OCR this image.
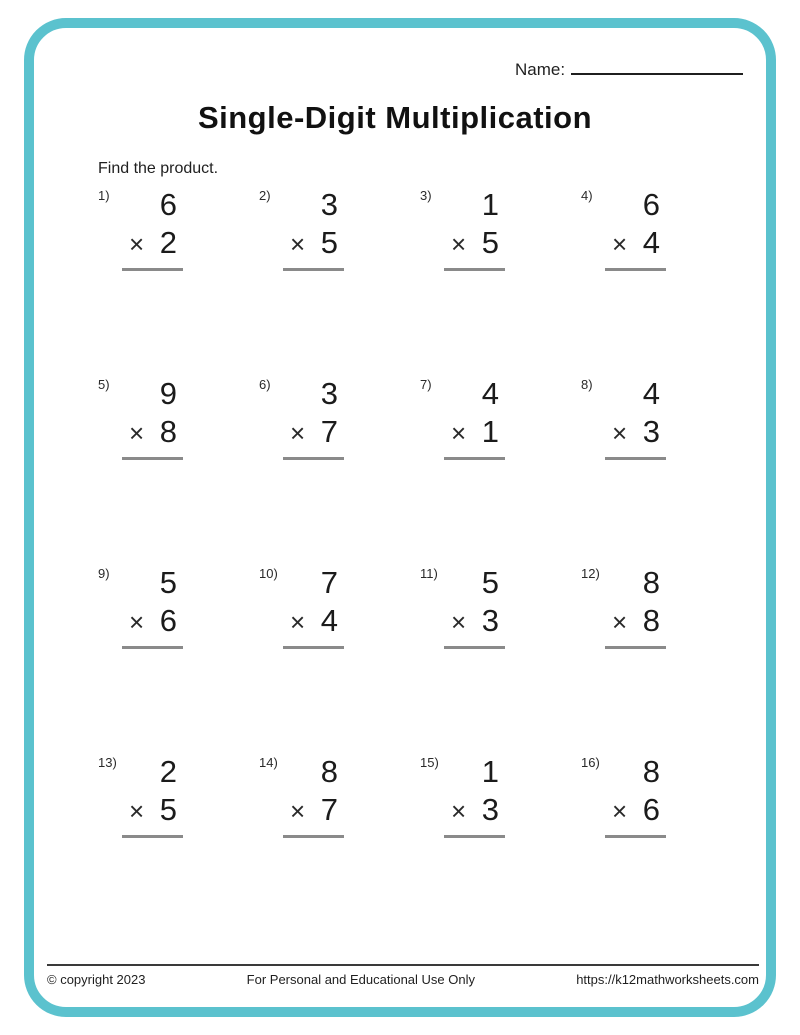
Name:
Single-Digit Multiplication
Find the product.
1)	6
× 2
2)	3
× 5
3)	1
× 5
4)	6
× 4
5)	9
× 8
6)	3
× 7
7)	4
× 1
8)	4
× 3
9)	5
× 6
10)	7
× 4
11)	5
× 3
12)	8
× 8
13)	2
× 5
14)	8
× 7
15)	1
× 3
16)	8
× 6
© copyright 2023	For Personal and Educational Use Only	https://k12mathworksheets.com
